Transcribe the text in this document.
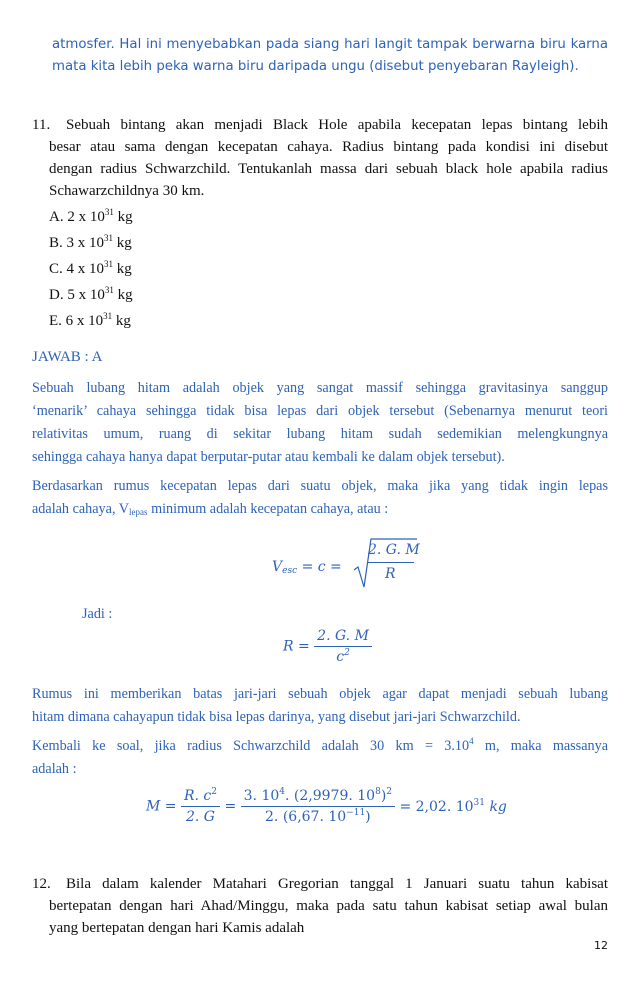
atmosfer. Hal ini menyebabkan pada siang hari langit tampak berwarna biru karna
mata kita lebih peka warna biru daripada ungu (disebut penyebaran Rayleigh).
11. Sebuah bintang akan menjadi Black Hole apabila kecepatan lepas bintang lebih
besar atau sama dengan kecepatan cahaya. Radius bintang pada kondisi ini disebut
dengan radius Schwarzchild. Tentukanlah massa dari sebuah black hole apabila radius
Schawarzchildnya 30 km.
A. 2 x $10^{31}$ kg
B. 3 x $10^{31}$ kg
C. 4 x $10^{31}$ kg
D. 5 x $10^{31}$ kg
E. 6 x $10^{31}$ kg
JAWAB : A
Sebuah lubang hitam adalah objek yang sangat massif sehingga gravitasinya sanggup
‘menarik’ cahaya sehingga tidak bisa lepas dari objek tersebut (Sebenarnya menurut teori
relativitas umum, ruang di sekitar lubang hitam sudah sedemikian melengkungnya
sehingga cahaya hanya dapat berputar-putar atau kembali ke dalam objek tersebut).
Berdasarkan rumus kecepatan lepas dari suatu objek, maka jika yang tidak ingin lepas
adalah cahaya, $V_{lepas}$ minimum adalah kecepatan cahaya, atau :
$V_{esc} = c$ =
2. G. M
R
Jadi :
$R = \frac{2. G. M}{c^2}$
Rumus ini memberikan batas jari-jari sebuah objek agar dapat menjadi sebuah lubang
hitam dimana cahayapun tidak bisa lepas darinya, yang disebut jari-jari Schwarzchild.
Kembali ke soal, jika radius Schwarzchild adalah 30 km = $3.10^4$ m, maka massanya
adalah :
$M = \frac{R. c^2}{2. G} = \frac{3. 10^4. (2,9979. 10^8)^2}{2. (6,67. 10^{-11})} = 2,02$. $10^{31}$ kg
12. Bila dalam kalender Matahari Gregorian tanggal 1 Januari suatu tahun kabisat
bertepatan dengan hari Ahad/Minggu, maka pada satu tahun kabisat setiap awal bulan
yang bertepatan dengan hari Kamis adalah
12
